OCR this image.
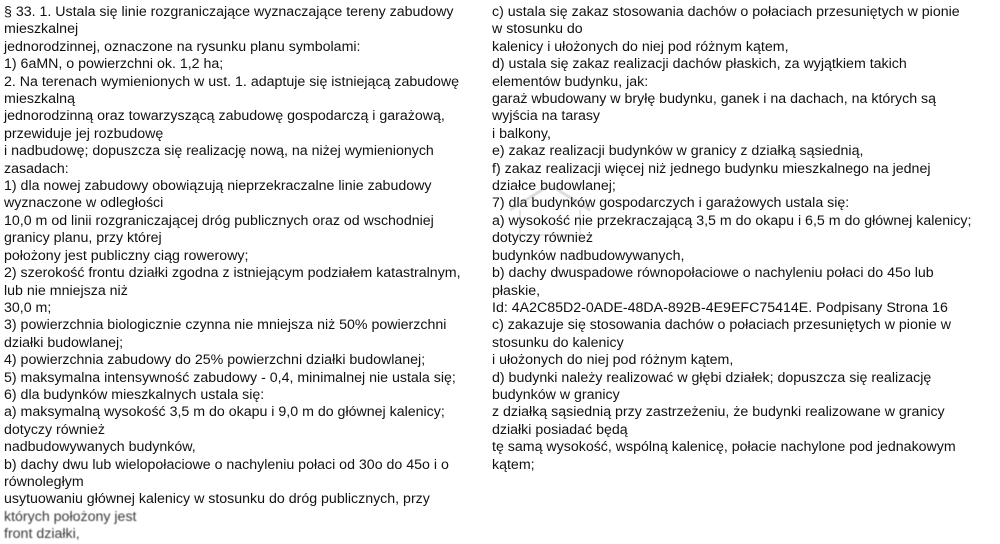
§ 33. 1. Ustala się linie rozgraniczające wyznaczające tereny zabudowy

mieszkalnej

jednorodzinnej, oznaczone na rysunku planu symbolami:

1) 6aMN, o powierzchni ok. 1,2 ha;

2. Na terenach wymienionych w ust. 1. adaptuje się istniejącą zabudowę

mieszkalną

jednorodzinną oraz towarzyszącą zabudowę gospodarczą i garażową,

przewiduje jej rozbudowę

i nadbudowę; dopuszcza się realizację nową, na niżej wymienionych

zasadach:

1) dla nowej zabudowy obowiązują nieprzekraczalne linie zabudowy

wyznaczone w odległości

10,0 m od linii rozgraniczającej dróg publicznych oraz od wschodniej

granicy planu, przy której

położony jest publiczny ciąg rowerowy;

2) szerokość frontu działki zgodna z istniejącym podziałem katastralnym,

lub nie mniejsza niż

30,0 m;

3) powierzchnia biologicznie czynna nie mniejsza niż 50% powierzchni

działki budowlanej;

4) powierzchnia zabudowy do 25% powierzchni działki budowlanej;

5) maksymalna intensywność zabudowy - 0,4, minimalnej nie ustala się;

6) dla budynków mieszkalnych ustala się:

a) maksymalną wysokość 3,5 m do okapu i 9,0 m do głównej kalenicy;

dotyczy również

nadbudowywanych budynków,

b) dachy dwu lub wielopołaciowe o nachyleniu połaci od 30o do 45o i o

równoległym

usytuowaniu głównej kalenicy w stosunku do dróg publicznych, przy

których położony jest

front działki,

c) ustala się zakaz stosowania dachów o połaciach przesuniętych w pionie

w stosunku do

kalenicy i ułożonych do niej pod różnym kątem,

d) ustala się zakaz realizacji dachów płaskich, za wyjątkiem takich

elementów budynku, jak:

garaż wbudowany w bryłę budynku, ganek i na dachach, na których są

wyjścia na tarasy

i balkony,

e) zakaz realizacji budynków w granicy z działką sąsiednią,

f) zakaz realizacji więcej niż jednego budynku mieszkalnego na jednej

działce budowlanej;

7) dla budynków gospodarczych i garażowych ustala się:

a) wysokość nie przekraczającą 3,5 m do okapu i 6,5 m do głównej kalenicy;

dotyczy również

budynków nadbudowywanych,

b) dachy dwuspadowe równopołaciowe o nachyleniu połaci do 45o lub

płaskie,

Id: 4A2C85D2-0ADE-48DA-892B-4E9EFC75414E. Podpisany Strona 16

c) zakazuje się stosowania dachów o połaciach przesuniętych w pionie w

stosunku do kalenicy

i ułożonych do niej pod różnym kątem,

d) budynki należy realizować w głębi działek; dopuszcza się realizację

budynków w granicy

z działką sąsiednią przy zastrzeżeniu, że budynki realizowane w granicy

działki posiadać będą

tę samą wysokość, wspólną kalenicę, połacie nachylone pod jednakowym

kątem;
